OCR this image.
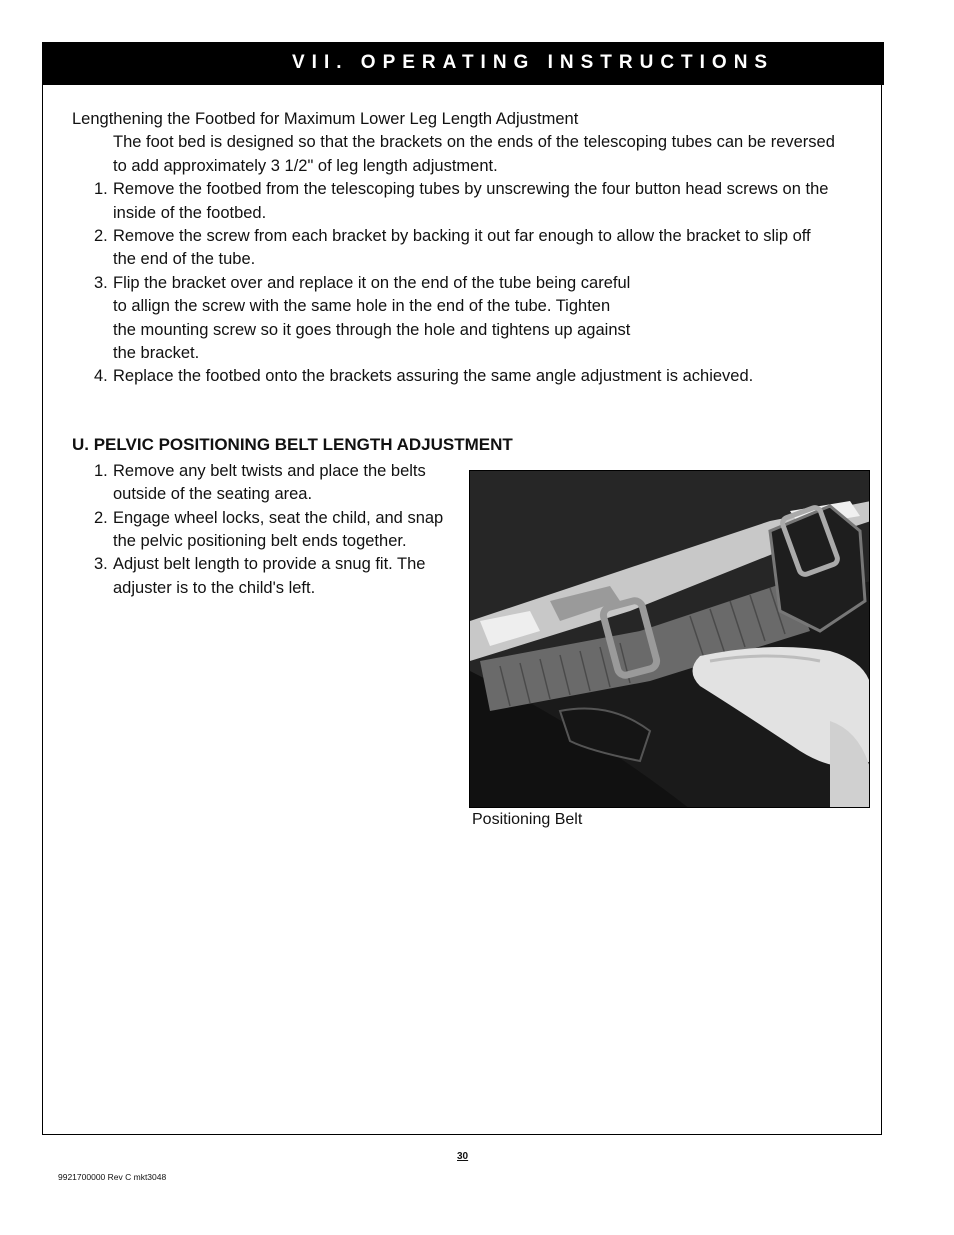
VII. OPERATING INSTRUCTIONS
Lengthening the Footbed for Maximum Lower Leg Length Adjustment
The foot bed is designed so that the brackets on the ends of the telescoping tubes can be reversed
to add approximately 3 1/2" of leg length adjustment.
1. Remove the footbed from the telescoping tubes by unscrewing the four button head screws on the
inside of the footbed.
2. Remove the screw from each bracket by backing it out far enough to allow the bracket to slip off
the end of the tube.
3. Flip the bracket over and replace it on the end of the tube being careful
to allign the screw with the same hole in the end of the tube. Tighten
the mounting screw so it goes through the hole and tightens up against
the bracket.
4. Replace the footbed onto the brackets assuring the same angle adjustment is achieved.
U. PELVIC POSITIONING BELT LENGTH ADJUSTMENT
1. Remove any belt twists and place the belts
outside of the seating area.
2. Engage wheel locks, seat the child, and snap
the pelvic positioning belt ends together.
3. Adjust belt length to provide a snug fit. The
adjuster is to the child's left.
Positioning Belt
30
9921700000 Rev C mkt3048
